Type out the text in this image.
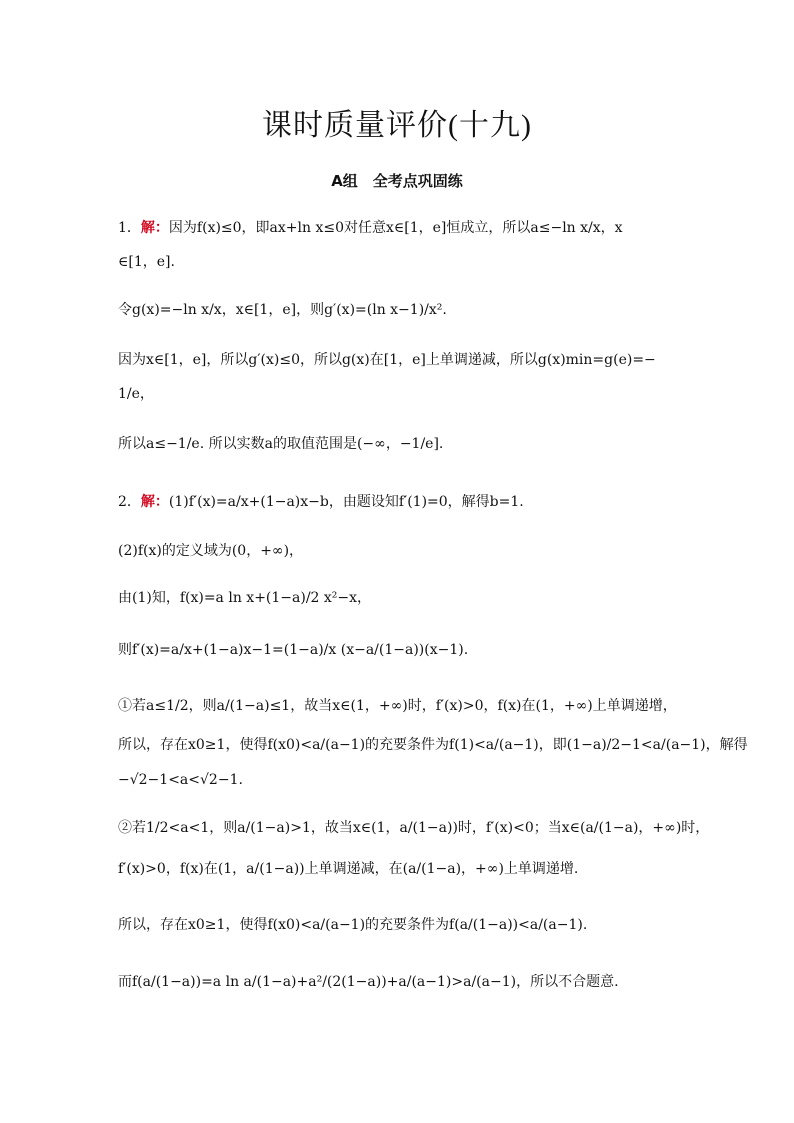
课时质量评价(十九)
A组　全考点巩固练
1．解：因为f(x)≤0，即ax+ln x≤0对任意x∈[1，e]恒成立，所以a≤−ln x/x，x
∈[1，e].
令g(x)=−ln x/x，x∈[1，e]，则g′(x)=(ln x−1)/x².
因为x∈[1，e]，所以g′(x)≤0，所以g(x)在[1，e]上单调递减，所以g(x)min=g(e)=−
1/e，
所以a≤−1/e. 所以实数a的取值范围是(−∞，−1/e].
2．解：(1)f′(x)=a/x+(1−a)x−b，由题设知f′(1)=0，解得b=1.
(2)f(x)的定义域为(0，+∞)，
由(1)知，f(x)=a ln x+(1−a)/2 x²−x，
则f′(x)=a/x+(1−a)x−1=(1−a)/x (x−a/(1−a))(x−1).
①若a≤1/2，则a/(1−a)≤1，故当x∈(1，+∞)时，f′(x)>0，f(x)在(1，+∞)上单调递增，
所以，存在x0≥1，使得f(x0)<a/(a−1)的充要条件为f(1)<a/(a−1)，即(1−a)/2−1<a/(a−1)，解得
−√2−1<a<√2−1.
②若1/2<a<1，则a/(1−a)>1，故当x∈(1，a/(1−a))时，f′(x)<0；当x∈(a/(1−a)，+∞)时，
f′(x)>0，f(x)在(1，a/(1−a))上单调递减，在(a/(1−a)，+∞)上单调递增.
所以，存在x0≥1，使得f(x0)<a/(a−1)的充要条件为f(a/(1−a))<a/(a−1).
而f(a/(1−a))=a ln a/(1−a)+a²/(2(1−a))+a/(a−1)>a/(a−1)，所以不合题意.
